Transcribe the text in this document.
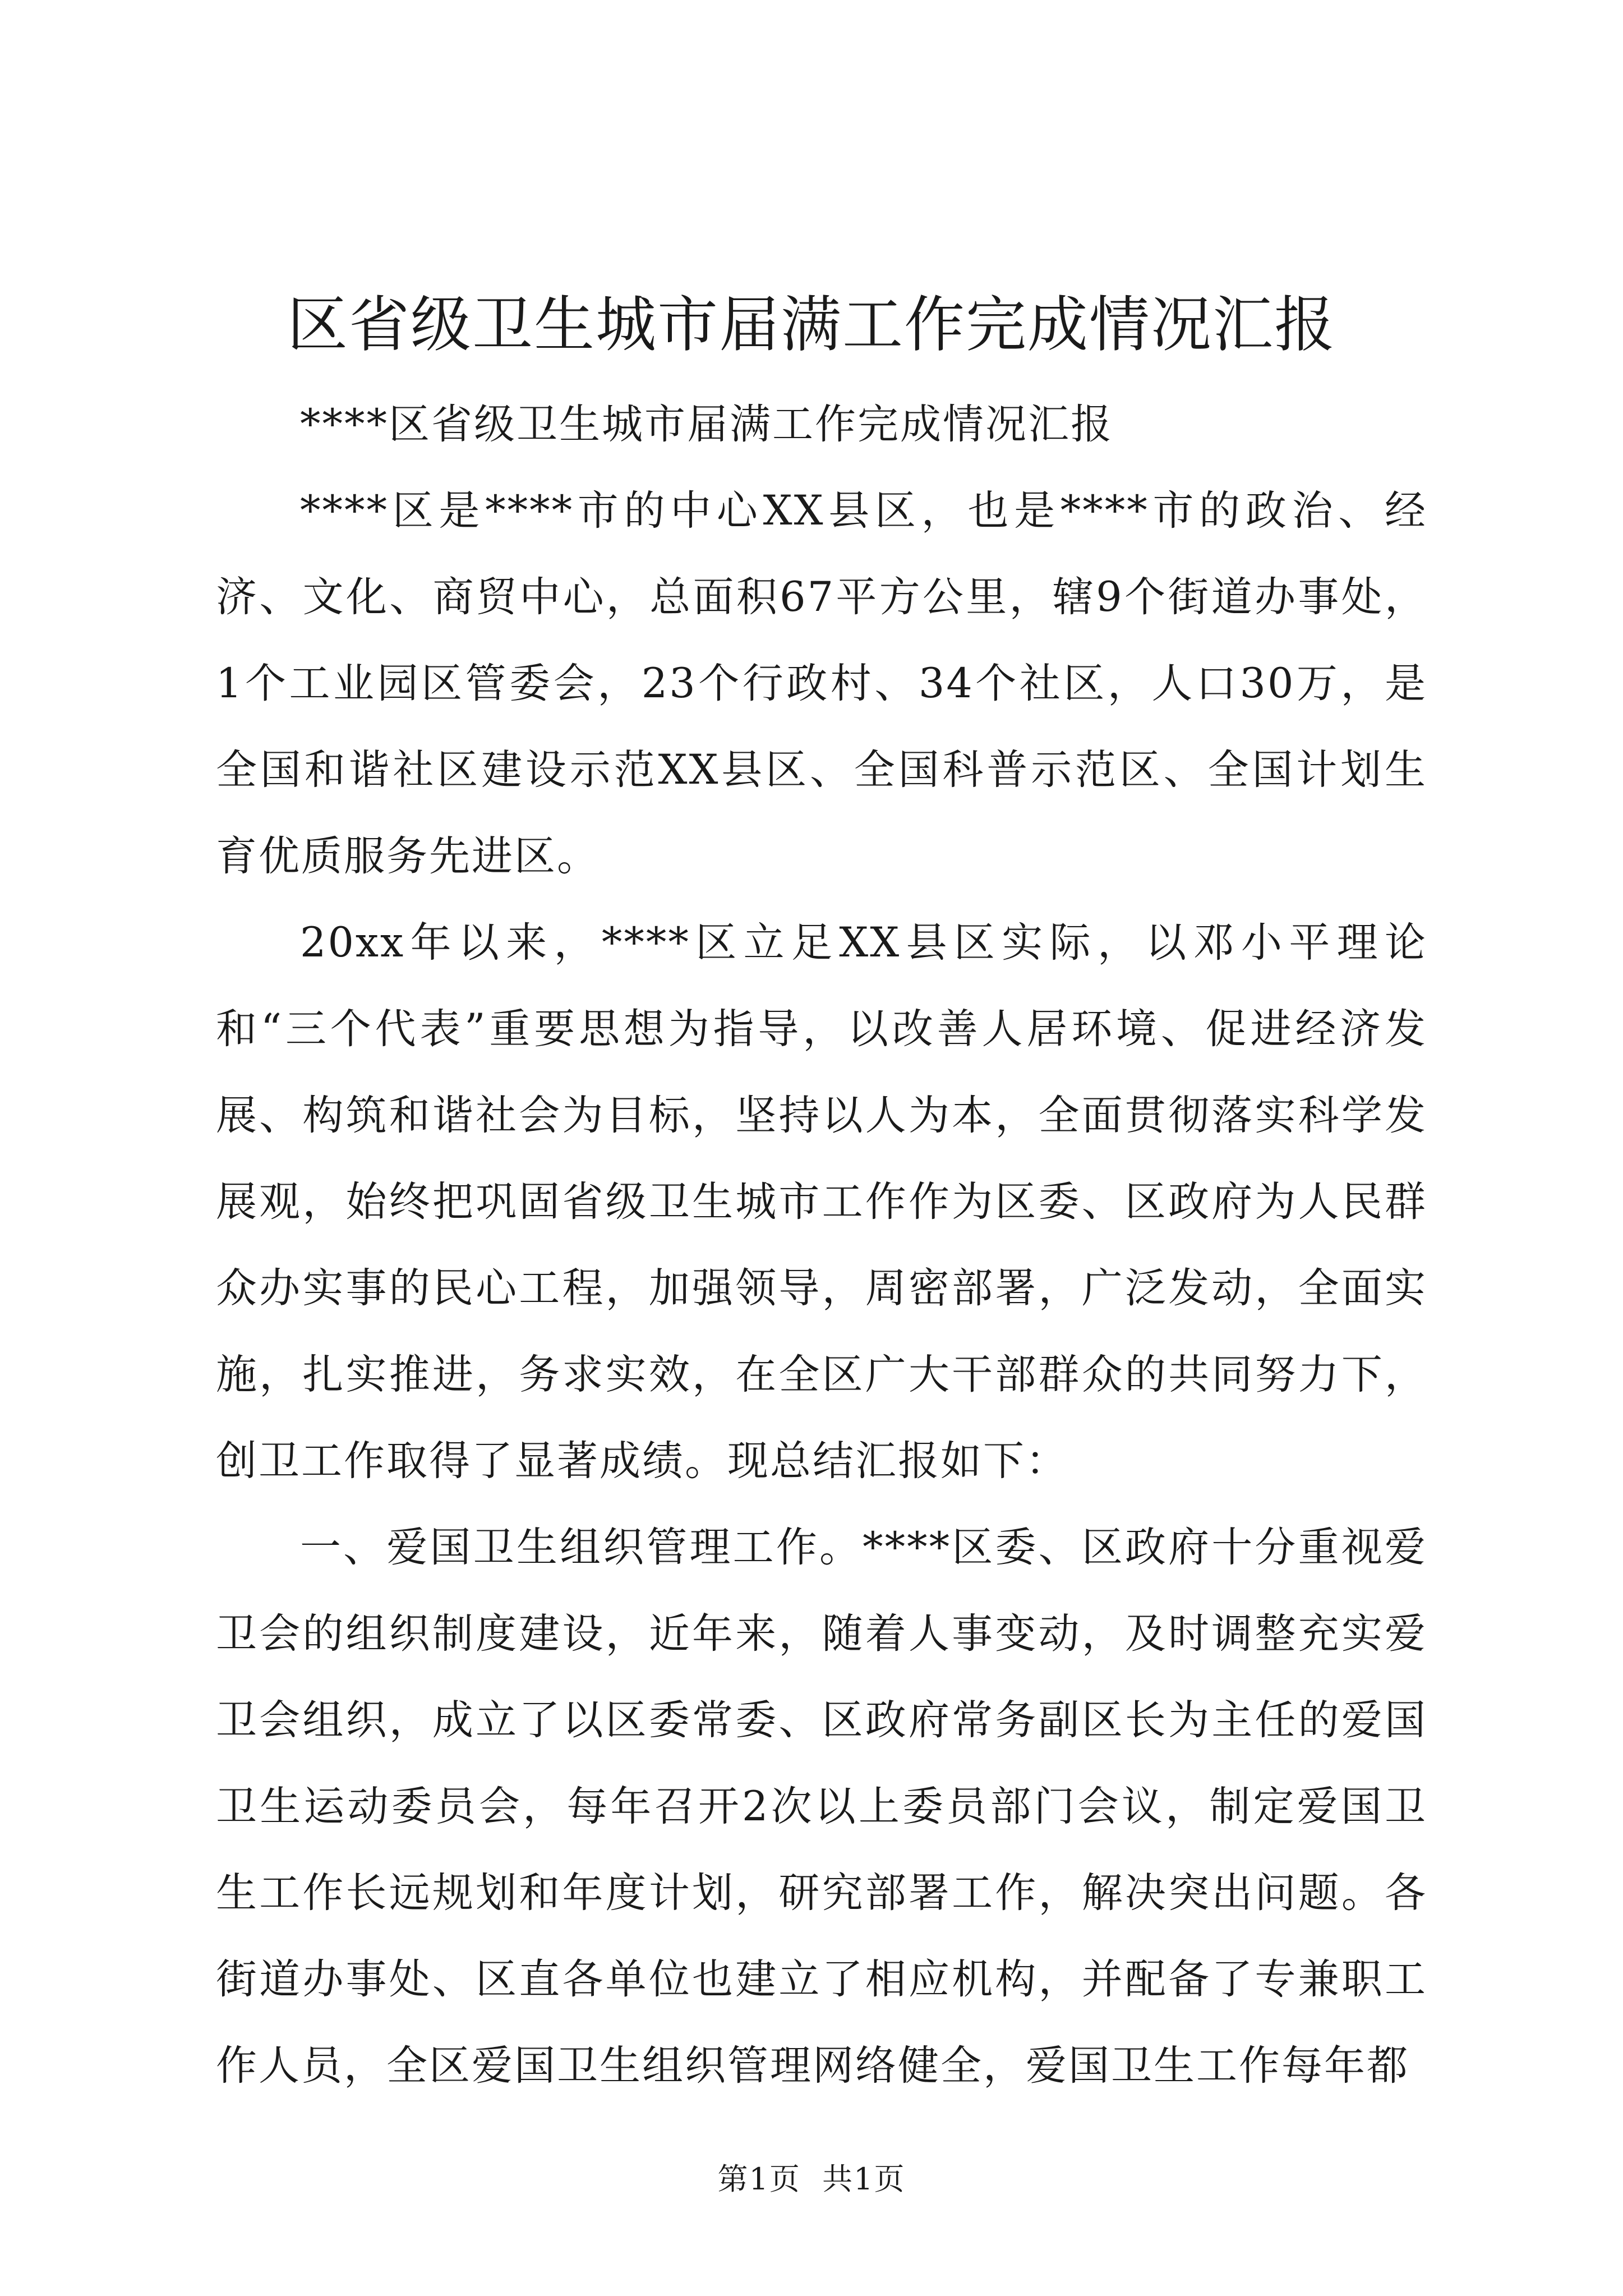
区省级卫生城市届满工作完成情况汇报

****区省级卫生城市届满工作完成情况汇报

****区是****市的中心XX县区，也是****市的政治、经济、文化、商贸中心，总面积67平方公里，辖9个街道办事处，1个工业园区管委会，23个行政村、34个社区，人口30万，是全国和谐社区建设示范XX县区、全国科普示范区、全国计划生育优质服务先进区。

20xx年以来，****区立足XX县区实际，以邓小平理论和“三个代表”重要思想为指导，以改善人居环境、促进经济发展、构筑和谐社会为目标，坚持以人为本，全面贯彻落实科学发展观，始终把巩固省级卫生城市工作作为区委、区政府为人民群众办实事的民心工程，加强领导，周密部署，广泛发动，全面实施，扎实推进，务求实效，在全区广大干部群众的共同努力下，创卫工作取得了显著成绩。现总结汇报如下：

一、爱国卫生组织管理工作。****区委、区政府十分重视爱卫会的组织制度建设，近年来，随着人事变动，及时调整充实爱卫会组织，成立了以区委常委、区政府常务副区长为主任的爱国卫生运动委员会，每年召开2次以上委员部门会议，制定爱国卫生工作长远规划和年度计划，研究部署工作，解决突出问题。各街道办事处、区直各单位也建立了相应机构，并配备了专兼职工作人员，全区爱国卫生组织管理网络健全，爱国卫生工作每年都

第1页  共1页
